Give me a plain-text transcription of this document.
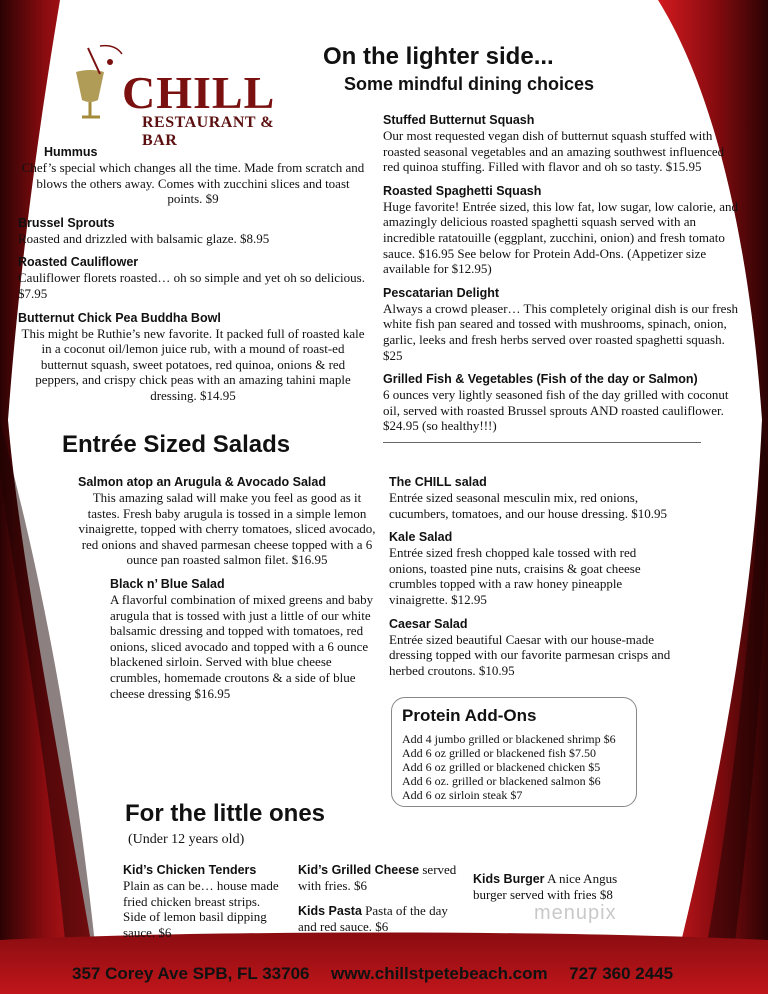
CHILL
RESTAURANT & BAR
On the lighter side...
Some mindful dining choices
Hummus
Chef’s special which changes all the time. Made from scratch and blows the others away. Comes with zucchini slices and toast points. $9
Brussel Sprouts
Roasted and drizzled with balsamic glaze. $8.95
Roasted Cauliflower
Cauliflower florets roasted… oh so simple and yet oh so delicious. $7.95
Butternut Chick Pea Buddha Bowl
This might be Ruthie’s new favorite. It packed full of roasted kale in a coconut oil/lemon juice rub, with a mound of roast-ed butternut squash, sweet potatoes, red quinoa, onions & red peppers, and crispy chick peas with an amazing tahini maple dressing. $14.95
Stuffed Butternut Squash
Our most requested vegan dish of butternut squash stuffed with roasted seasonal vegetables and an amazing southwest influenced red quinoa stuffing. Filled with flavor and oh so tasty. $15.95
Roasted Spaghetti Squash
Huge favorite! Entrée sized, this low fat, low sugar, low calorie, and amazingly delicious roasted spaghetti squash served with an incredible ratatouille (eggplant, zucchini, onion) and fresh tomato sauce. $16.95 See below for Protein Add-Ons. (Appetizer size available for $12.95)
Pescatarian Delight
Always a crowd pleaser… This completely original dish is our fresh white fish pan seared and tossed with mushrooms, spinach, onion, garlic, leeks and fresh herbs served over roasted spaghetti squash. $25
Grilled Fish & Vegetables (Fish of the day or Salmon)
6 ounces very lightly seasoned fish of the day grilled with coconut oil, served with roasted Brussel sprouts AND roasted cauliflower. $24.95 (so healthy!!!)
Entrée Sized Salads
Salmon atop an Arugula & Avocado Salad
This amazing salad will make you feel as good as it tastes. Fresh baby arugula is tossed in a simple lemon vinaigrette, topped with cherry tomatoes, sliced avocado, red onions and shaved parmesan cheese topped with a 6 ounce pan roasted salmon filet. $16.95
Black n’ Blue Salad
A flavorful combination of mixed greens and baby arugula that is tossed with just a little of our white balsamic dressing and topped with tomatoes, red onions, sliced avocado and topped with a 6 ounce blackened sirloin. Served with blue cheese crumbles, homemade croutons & a side of blue cheese dressing $16.95
The CHILL salad
Entrée sized seasonal mesculin mix, red onions, cucumbers, tomatoes, and our house dressing. $10.95
Kale Salad
Entrée sized fresh chopped kale tossed with red onions, toasted pine nuts, craisins & goat cheese crumbles topped with a raw honey pineapple vinaigrette. $12.95
Caesar Salad
Entrée sized beautiful Caesar with our house-made dressing topped with our favorite parmesan crisps and herbed croutons. $10.95
Protein Add-Ons
Add 4 jumbo grilled or blackened shrimp $6
Add 6 oz grilled or blackened fish $7.50
Add 6 oz grilled or blackened chicken $5
Add 6 oz. grilled or blackened salmon $6
Add 6 oz sirloin steak $7
For the little ones
(Under 12 years old)
Kid’s Chicken Tenders
Plain as can be… house made fried chicken breast strips. Side of lemon basil dipping sauce. $6
Kid’s Grilled Cheese served with fries. $6
Kids Pasta Pasta of the day and red sauce. $6
Kids Burger A nice Angus burger served with fries $8
menupix
357 Corey Ave SPB, FL 33706 www.chillstpetebeach.com 727 360 2445
